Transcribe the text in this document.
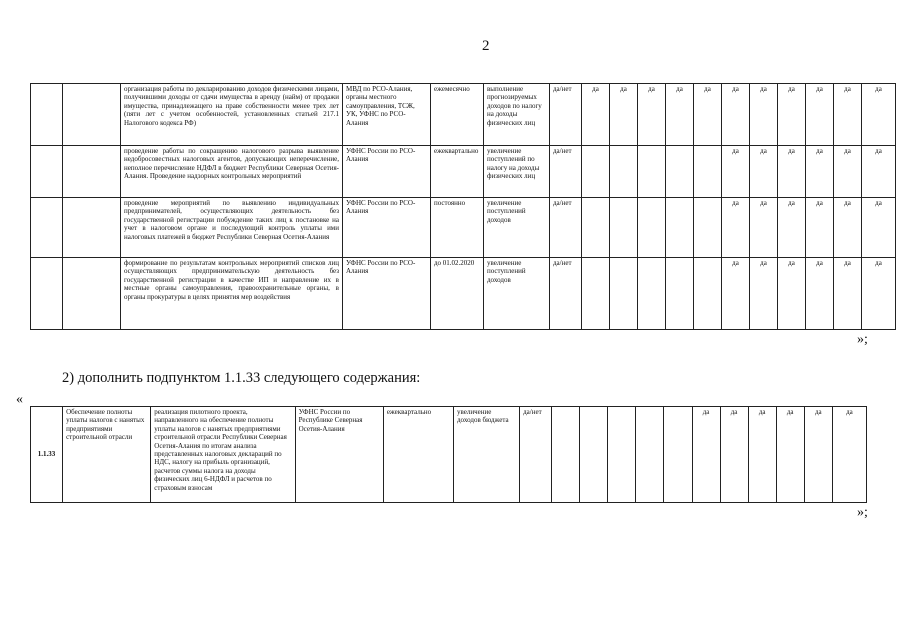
2
		организация работы по декларированию доходов физическими лицами, получившими доходы от сдачи имущества в аренду (найм) от продажи имущества, принадлежащего на праве собственности менее трех лет (пяти лет с учетом особенностей, установленных статьей 217.1 Налогового кодекса РФ)	МВД по РСО-Алания, органы местного самоуправления, ТСЖ, УК, УФНС по РСО-Алания	ежемесячно	выполнение прогнозируемых доходов по налогу на доходы физических лиц	да/нет	да	да	да	да	да	да	да	да	да	да	да
		проведение работы по сокращению налогового разрыва выявление недобросовестных налоговых агентов, допускающих неперечисление, неполное перечисление НДФЛ в бюджет Республики Северная Осетия-Алания. Проведение надзорных контрольных мероприятий	УФНС России по РСО-Алания	ежеквартально	увеличение поступлений по налогу на доходы физических лиц	да/нет						да	да	да	да	да	да
		проведение мероприятий по выявлению индивидуальных предпринимателей, осуществляющих деятельность без государственной регистрации побуждение таких лиц к постановке на учет в налоговом органе и последующий контроль уплаты ими налоговых платежей в бюджет Республики Северная Осетия-Алания	УФНС России по РСО-Алания	постоянно	увеличение поступлений доходов	да/нет						да	да	да	да	да	да
		формирование по результатам контрольных мероприятий списков лиц осуществляющих предпринимательскую деятельность без государственной регистрации в качестве ИП и направление их в местные органы самоуправления, правоохранительные органы, в органы прокуратуры в целях принятия мер воздействия	УФНС России по РСО-Алания	до 01.02.2020	увеличение поступлений доходов	да/нет						да	да	да	да	да	да
»;
2) дополнить подпунктом 1.1.33 следующего содержания:
«
1.1.33	Обеспечение полноты уплаты налогов с нанятых предприятиями строительной отрасли	реализация пилотного проекта, направленного на обеспечение полноты уплаты налогов с нанятых предприятиями строительной отрасли Республики Северная Осетия-Алания по итогам анализа представленных налоговых деклараций по НДС, налогу на прибыль организаций, расчетов суммы налога на доходы физических лиц 6-НДФЛ и расчетов по страховым взносам	УФНС России по Республике Северная Осетия-Алания	ежеквартально	увеличение доходов бюджета	да/нет						да	да	да	да	да	да
»;
